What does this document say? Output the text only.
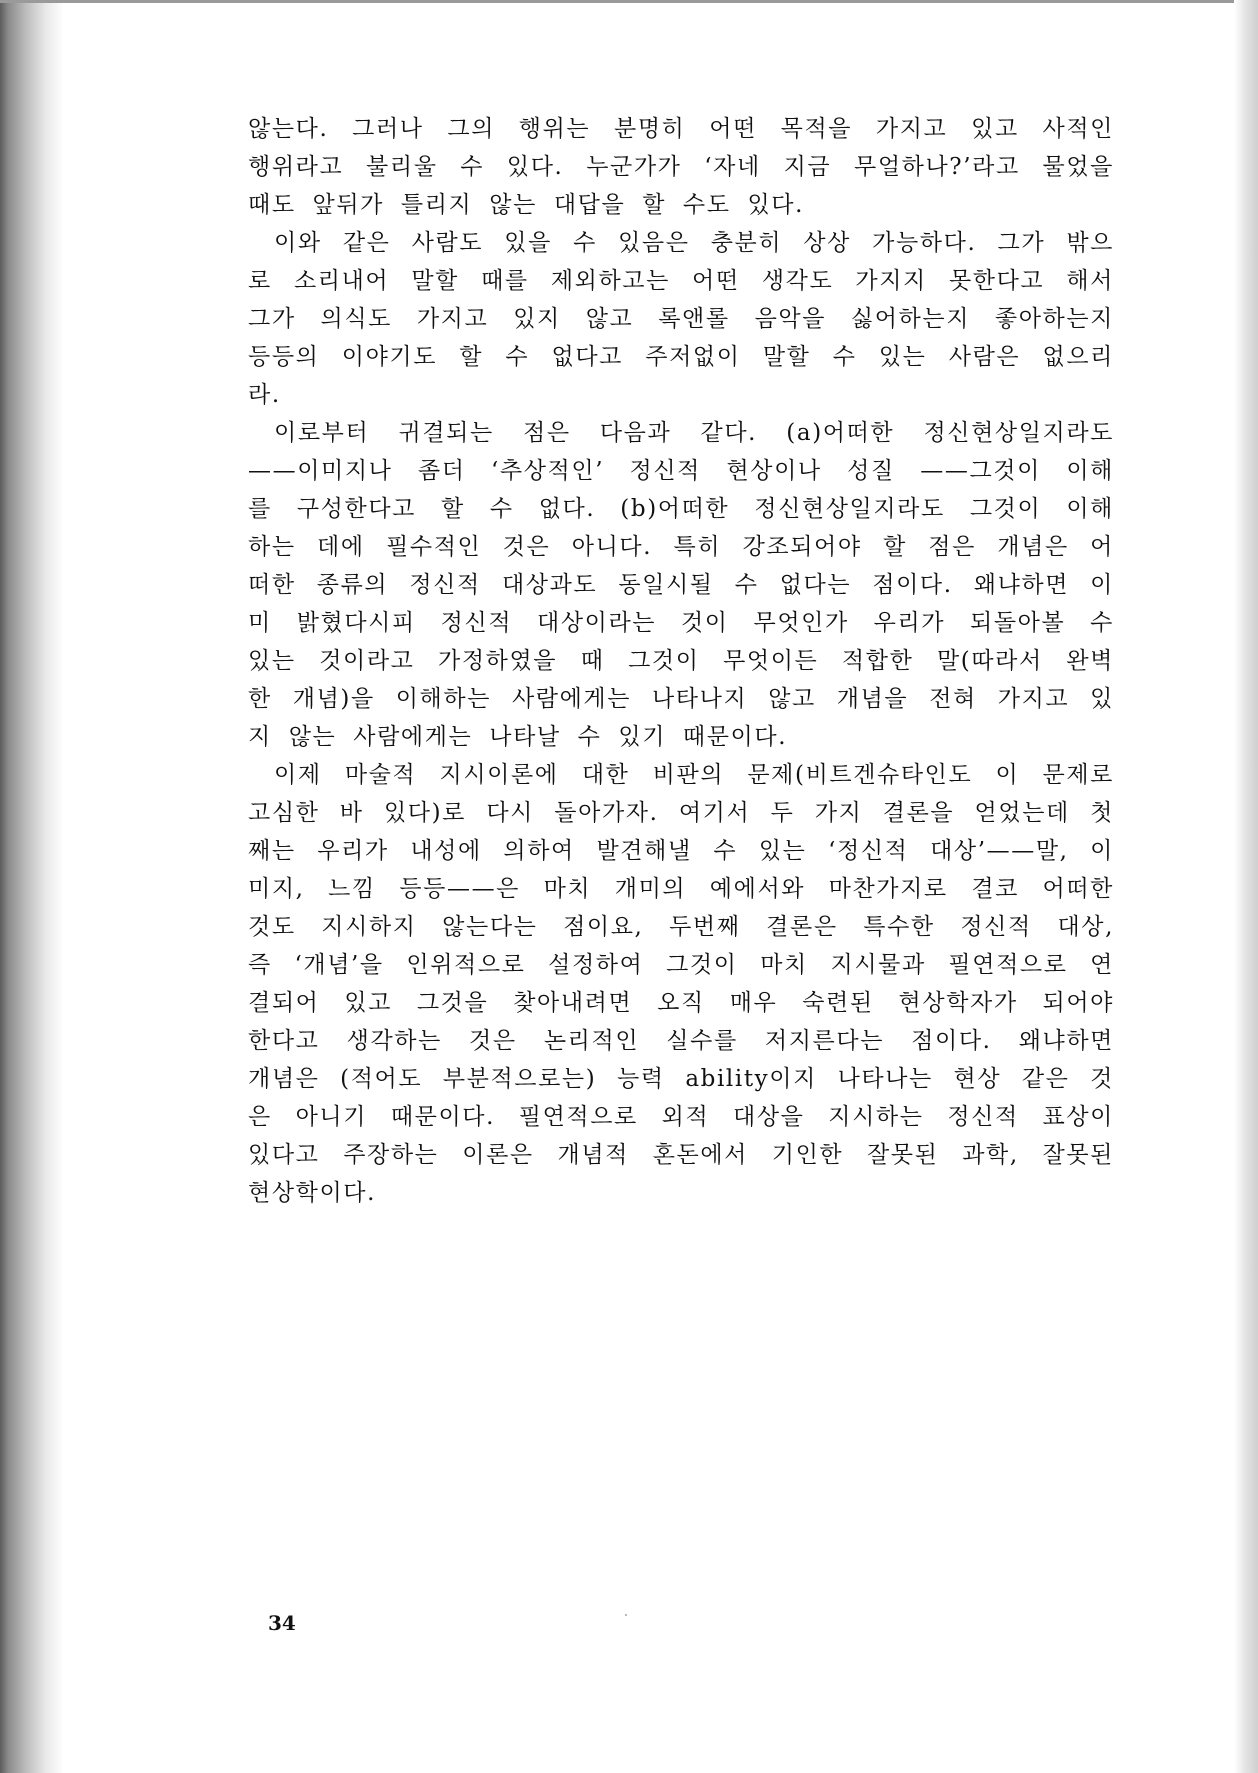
않는다. 그러나 그의 행위는 분명히 어떤 목적을 가지고 있고 사적인
행위라고 불리울 수 있다. 누군가가 ‘자네 지금 무얼하나?’라고 물었을
때도 앞뒤가 틀리지 않는 대답을 할 수도 있다.
이와 같은 사람도 있을 수 있음은 충분히 상상 가능하다. 그가 밖으
로 소리내어 말할 때를 제외하고는 어떤 생각도 가지지 못한다고 해서
그가 의식도 가지고 있지 않고 록앤롤 음악을 싫어하는지 좋아하는지
등등의 이야기도 할 수 없다고 주저없이 말할 수 있는 사람은 없으리
라.
이로부터 귀결되는 점은 다음과 같다. (a)어떠한 정신현상일지라도
——이미지나 좀더 ‘추상적인’ 정신적 현상이나 성질 ——그것이 이해
를 구성한다고 할 수 없다. (b)어떠한 정신현상일지라도 그것이 이해
하는 데에 필수적인 것은 아니다. 특히 강조되어야 할 점은 개념은 어
떠한 종류의 정신적 대상과도 동일시될 수 없다는 점이다. 왜냐하면 이
미 밝혔다시피 정신적 대상이라는 것이 무엇인가 우리가 되돌아볼 수
있는 것이라고 가정하였을 때 그것이 무엇이든 적합한 말(따라서 완벽
한 개념)을 이해하는 사람에게는 나타나지 않고 개념을 전혀 가지고 있
지 않는 사람에게는 나타날 수 있기 때문이다.
이제 마술적 지시이론에 대한 비판의 문제(비트겐슈타인도 이 문제로
고심한 바 있다)로 다시 돌아가자. 여기서 두 가지 결론을 얻었는데 첫
째는 우리가 내성에 의하여 발견해낼 수 있는 ‘정신적 대상’——말, 이
미지, 느낌 등등——은 마치 개미의 예에서와 마찬가지로 결코 어떠한
것도 지시하지 않는다는 점이요, 두번째 결론은 특수한 정신적 대상,
즉 ‘개념’을 인위적으로 설정하여 그것이 마치 지시물과 필연적으로 연
결되어 있고 그것을 찾아내려면 오직 매우 숙련된 현상학자가 되어야
한다고 생각하는 것은 논리적인 실수를 저지른다는 점이다. 왜냐하면
개념은 (적어도 부분적으로는) 능력 ability이지 나타나는 현상 같은 것
은 아니기 때문이다. 필연적으로 외적 대상을 지시하는 정신적 표상이
있다고 주장하는 이론은 개념적 혼돈에서 기인한 잘못된 과학, 잘못된
현상학이다.
34
